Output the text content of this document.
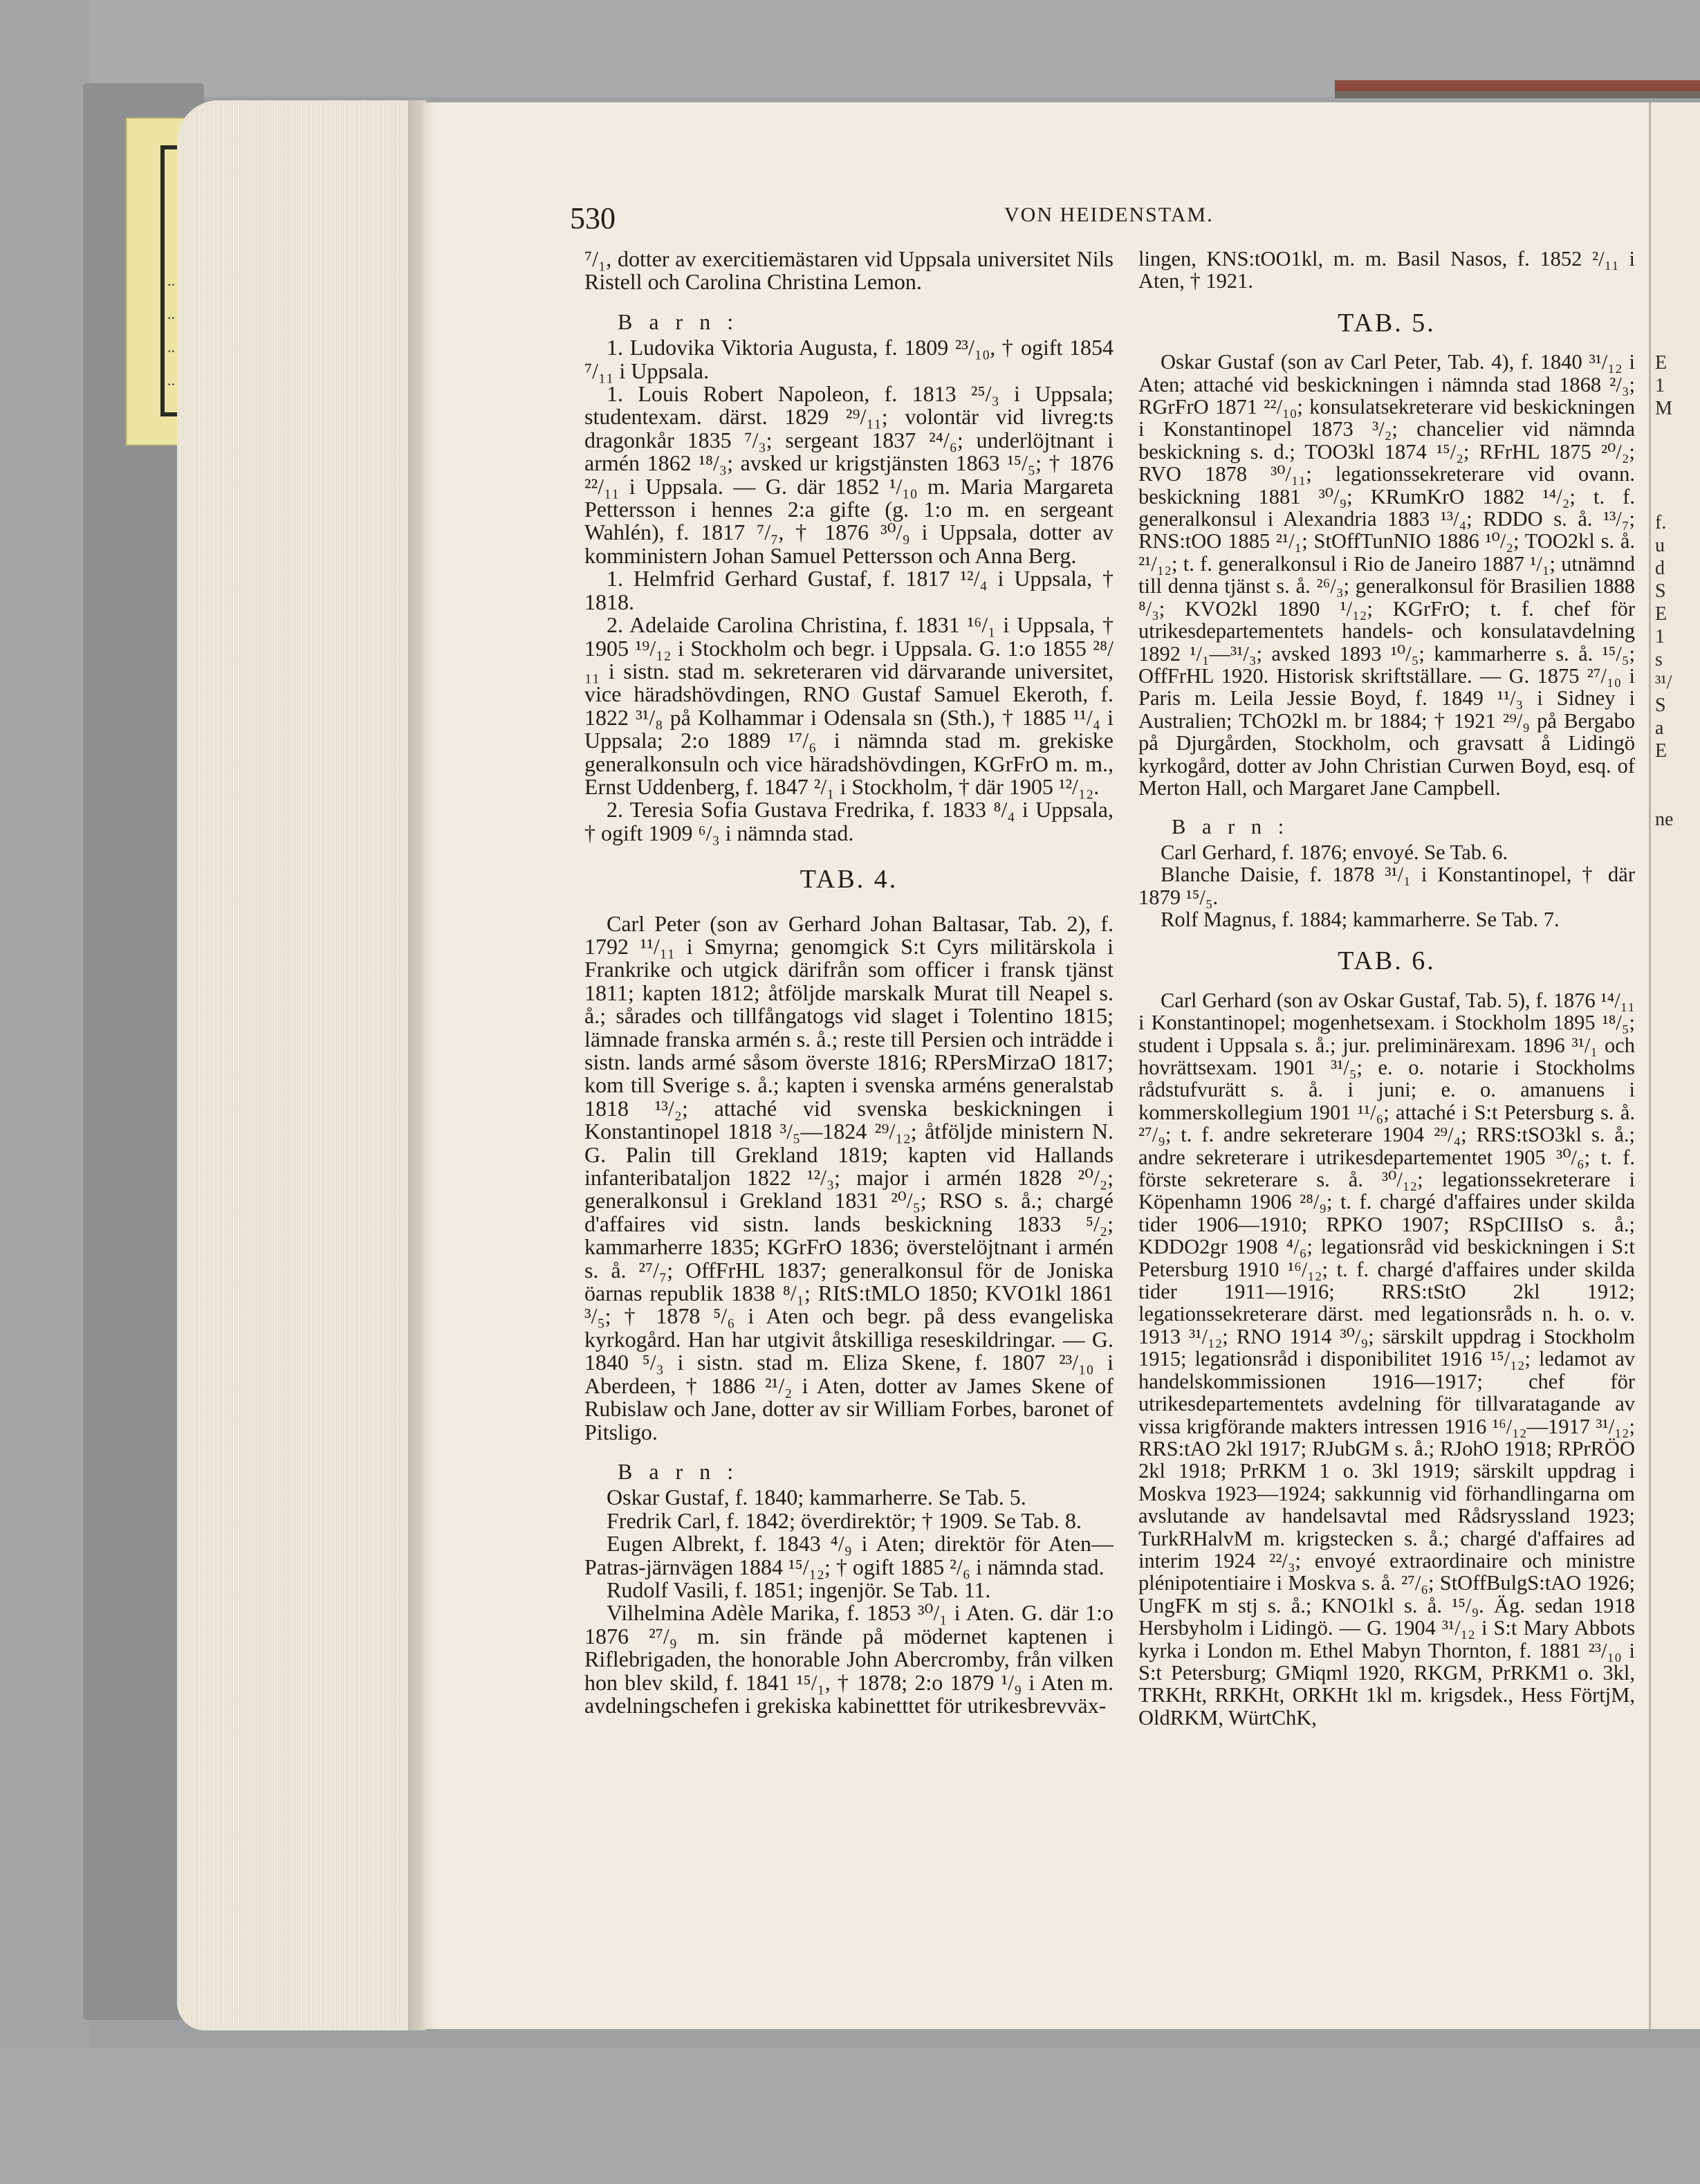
..
..
..
..
E
1
M

f.
u
d
S
E
1
s
³¹/
S
a
E

ne
530	VON HEIDENSTAM.

⁷/₁, dotter av exercitiemästaren vid Uppsala universitet Nils Ristell och Carolina Christina Lemon.

B a r n :

1. Ludovika Viktoria Augusta, f. 1809 ²³/₁₀, † ogift 1854 ⁷/₁₁ i Uppsala.

1. Louis Robert Napoleon, f. 1813 ²⁵/₃ i Uppsala; studentexam. därst. 1829 ²⁹/₁₁; volontär vid livreg:ts dragonkår 1835 ⁷/₃; sergeant 1837 ²⁴/₆; underlöjtnant i armén 1862 ¹⁸/₃; avsked ur krigstjänsten 1863 ¹⁵/₅; † 1876 ²²/₁₁ i Uppsala. — G. där 1852 ¹/₁₀ m. Maria Margareta Pettersson i hennes 2:a gifte (g. 1:o m. en sergeant Wahlén), f. 1817 ⁷/₇, † 1876 ³⁰/₉ i Uppsala, dotter av komministern Johan Samuel Pettersson och Anna Berg.

1. Helmfrid Gerhard Gustaf, f. 1817 ¹²/₄ i Uppsala, † 1818.

2. Adelaide Carolina Christina, f. 1831 ¹⁶/₁ i Uppsala, † 1905 ¹⁹/₁₂ i Stockholm och begr. i Uppsala. G. 1:o 1855 ²⁸/₁₁ i sistn. stad m. sekreteraren vid därvarande universitet, vice häradshövdingen, RNO Gustaf Samuel Ekeroth, f. 1822 ³¹/₈ på Kolhammar i Odensala sn (Sth.), † 1885 ¹¹/₄ i Uppsala; 2:o 1889 ¹⁷/₆ i nämnda stad m. grekiske generalkonsuln och vice häradshövdingen, KGrFrO m. m., Ernst Uddenberg, f. 1847 ²/₁ i Stockholm, † där 1905 ¹²/₁₂.

2. Teresia Sofia Gustava Fredrika, f. 1833 ⁸/₄ i Uppsala, † ogift 1909 ⁶/₃ i nämnda stad.

TAB. 4.

Carl Peter (son av Gerhard Johan Baltasar, Tab. 2), f. 1792 ¹¹/₁₁ i Smyrna; genomgick S:t Cyrs militärskola i Frankrike och utgick därifrån som officer i fransk tjänst 1811; kapten 1812; åtföljde marskalk Murat till Neapel s. å.; sårades och tillfångatogs vid slaget i Tolentino 1815; lämnade franska armén s. å.; reste till Persien och inträdde i sistn. lands armé såsom överste 1816; RPersMirzaO 1817; kom till Sverige s. å.; kapten i svenska arméns generalstab 1818 ¹³/₂; attaché vid svenska beskickningen i Konstantinopel 1818 ³/₅—1824 ²⁹/₁₂; åtföljde ministern N. G. Palin till Grekland 1819; kapten vid Hallands infanteribataljon 1822 ¹²/₃; major i armén 1828 ²⁰/₂; generalkonsul i Grekland 1831 ²⁰/₅; RSO s. å.; chargé d'affaires vid sistn. lands beskickning 1833 ⁵/₂; kammarherre 1835; KGrFrO 1836; överstelöjtnant i armén s. å. ²⁷/₇; OffFrHL 1837; generalkonsul för de Joniska öarnas republik 1838 ⁸/₁; RItS:tMLO 1850; KVO1kl 1861 ³/₅; † 1878 ⁵/₆ i Aten och begr. på dess evangeliska kyrkogård. Han har utgivit åtskilliga reseskildringar. — G. 1840 ⁵/₃ i sistn. stad m. Eliza Skene, f. 1807 ²³/₁₀ i Aberdeen, † 1886 ²¹/₂ i Aten, dotter av James Skene of Rubislaw och Jane, dotter av sir William Forbes, baronet of Pitsligo.

B a r n :

Oskar Gustaf, f. 1840; kammarherre. Se Tab. 5.

Fredrik Carl, f. 1842; överdirektör; † 1909. Se Tab. 8.

Eugen Albrekt, f. 1843 ⁴/₉ i Aten; direktör för Aten—Patras-järnvägen 1884 ¹⁵/₁₂; † ogift 1885 ²/₆ i nämnda stad.

Rudolf Vasili, f. 1851; ingenjör. Se Tab. 11.

Vilhelmina Adèle Marika, f. 1853 ³⁰/₁ i Aten. G. där 1:o 1876 ²⁷/₉ m. sin frände på mödernet kaptenen i Riflebrigaden, the honorable John Abercromby, från vilken hon blev skild, f. 1841 ¹⁵/₁, † 1878; 2:o 1879 ¹/₉ i Aten m. avdelningschefen i grekiska kabinetttet för utrikesbrevväx-

lingen, KNS:tOO1kl, m. m. Basil Nasos, f. 1852 ²/₁₁ i Aten, † 1921.

TAB. 5.

Oskar Gustaf (son av Carl Peter, Tab. 4), f. 1840 ³¹/₁₂ i Aten; attaché vid beskickningen i nämnda stad 1868 ²/₃; RGrFrO 1871 ²²/₁₀; konsulatsekreterare vid beskickningen i Konstantinopel 1873 ³/₂; chancelier vid nämnda beskickning s. d.; TOO3kl 1874 ¹⁵/₂; RFrHL 1875 ²⁰/₂; RVO 1878 ³⁰/₁₁; legationssekreterare vid ovann. beskickning 1881 ³⁰/₉; KRumKrO 1882 ¹⁴/₂; t. f. generalkonsul i Alexandria 1883 ¹³/₄; RDDO s. å. ¹³/₇; RNS:tOO 1885 ²¹/₁; StOffTunNIO 1886 ¹⁰/₂; TOO2kl s. å. ²¹/₁₂; t. f. generalkonsul i Rio de Janeiro 1887 ¹/₁; utnämnd till denna tjänst s. å. ²⁶/₃; generalkonsul för Brasilien 1888 ⁸/₃; KVO2kl 1890 ¹/₁₂; KGrFrO; t. f. chef för utrikesdepartementets handels- och konsulatavdelning 1892 ¹/₁—³¹/₃; avsked 1893 ¹⁰/₅; kammarherre s. å. ¹⁵/₅; OffFrHL 1920. Historisk skriftställare. — G. 1875 ²⁷/₁₀ i Paris m. Leila Jessie Boyd, f. 1849 ¹¹/₃ i Sidney i Australien; TChO2kl m. br 1884; † 1921 ²⁹/₉ på Bergabo på Djurgården, Stockholm, och gravsatt å Lidingö kyrkogård, dotter av John Christian Curwen Boyd, esq. of Merton Hall, och Margaret Jane Campbell.

B a r n :

Carl Gerhard, f. 1876; envoyé. Se Tab. 6.

Blanche Daisie, f. 1878 ³¹/₁ i Konstantinopel, † där 1879 ¹⁵/₅.

Rolf Magnus, f. 1884; kammarherre. Se Tab. 7.

TAB. 6.

Carl Gerhard (son av Oskar Gustaf, Tab. 5), f. 1876 ¹⁴/₁₁ i Konstantinopel; mogenhetsexam. i Stockholm 1895 ¹⁸/₅; student i Uppsala s. å.; jur. preliminärexam. 1896 ³¹/₁ och hovrättsexam. 1901 ³¹/₅; e. o. notarie i Stockholms rådstufvurätt s. å. i juni; e. o. amanuens i kommerskollegium 1901 ¹¹/₆; attaché i S:t Petersburg s. å. ²⁷/₉; t. f. andre sekreterare 1904 ²⁹/₄; RRS:tSO3kl s. å.; andre sekreterare i utrikesdepartementet 1905 ³⁰/₆; t. f. förste sekreterare s. å. ³⁰/₁₂; legationssekreterare i Köpenhamn 1906 ²⁸/₉; t. f. chargé d'affaires under skilda tider 1906—1910; RPKO 1907; RSpCIIIsO s. å.; KDDO2gr 1908 ⁴/₆; legationsråd vid beskickningen i S:t Petersburg 1910 ¹⁶/₁₂; t. f. chargé d'affaires under skilda tider 1911—1916; RRS:tStO 2kl 1912; legationssekreterare därst. med legationsråds n. h. o. v. 1913 ³¹/₁₂; RNO 1914 ³⁰/₉; särskilt uppdrag i Stockholm 1915; legationsråd i disponibilitet 1916 ¹⁵/₁₂; ledamot av handelskommissionen 1916—1917; chef för utrikesdepartementets avdelning för tillvaratagande av vissa krigförande makters intressen 1916 ¹⁶/₁₂—1917 ³¹/₁₂; RRS:tAO 2kl 1917; RJubGM s. å.; RJohO 1918; RPrRÖO 2kl 1918; PrRKM 1 o. 3kl 1919; särskilt uppdrag i Moskva 1923—1924; sakkunnig vid förhandlingarna om avslutande av handelsavtal med Rådsryssland 1923; TurkRHalvM m. krigstecken s. å.; chargé d'affaires ad interim 1924 ²²/₃; envoyé extraordinaire och ministre plénipotentiaire i Moskva s. å. ²⁷/₆; StOffBulgS:tAO 1926; UngFK m stj s. å.; KNO1kl s. å. ¹⁵/₉. Äg. sedan 1918 Hersbyholm i Lidingö. — G. 1904 ³¹/₁₂ i S:t Mary Abbots kyrka i London m. Ethel Mabyn Thornton, f. 1881 ²³/₁₀ i S:t Petersburg; GMiqml 1920, RKGM, PrRKM1 o. 3kl, TRKHt, RRKHt, ORKHt 1kl m. krigsdek., Hess FörtjM, OldRKM, WürtChK,
